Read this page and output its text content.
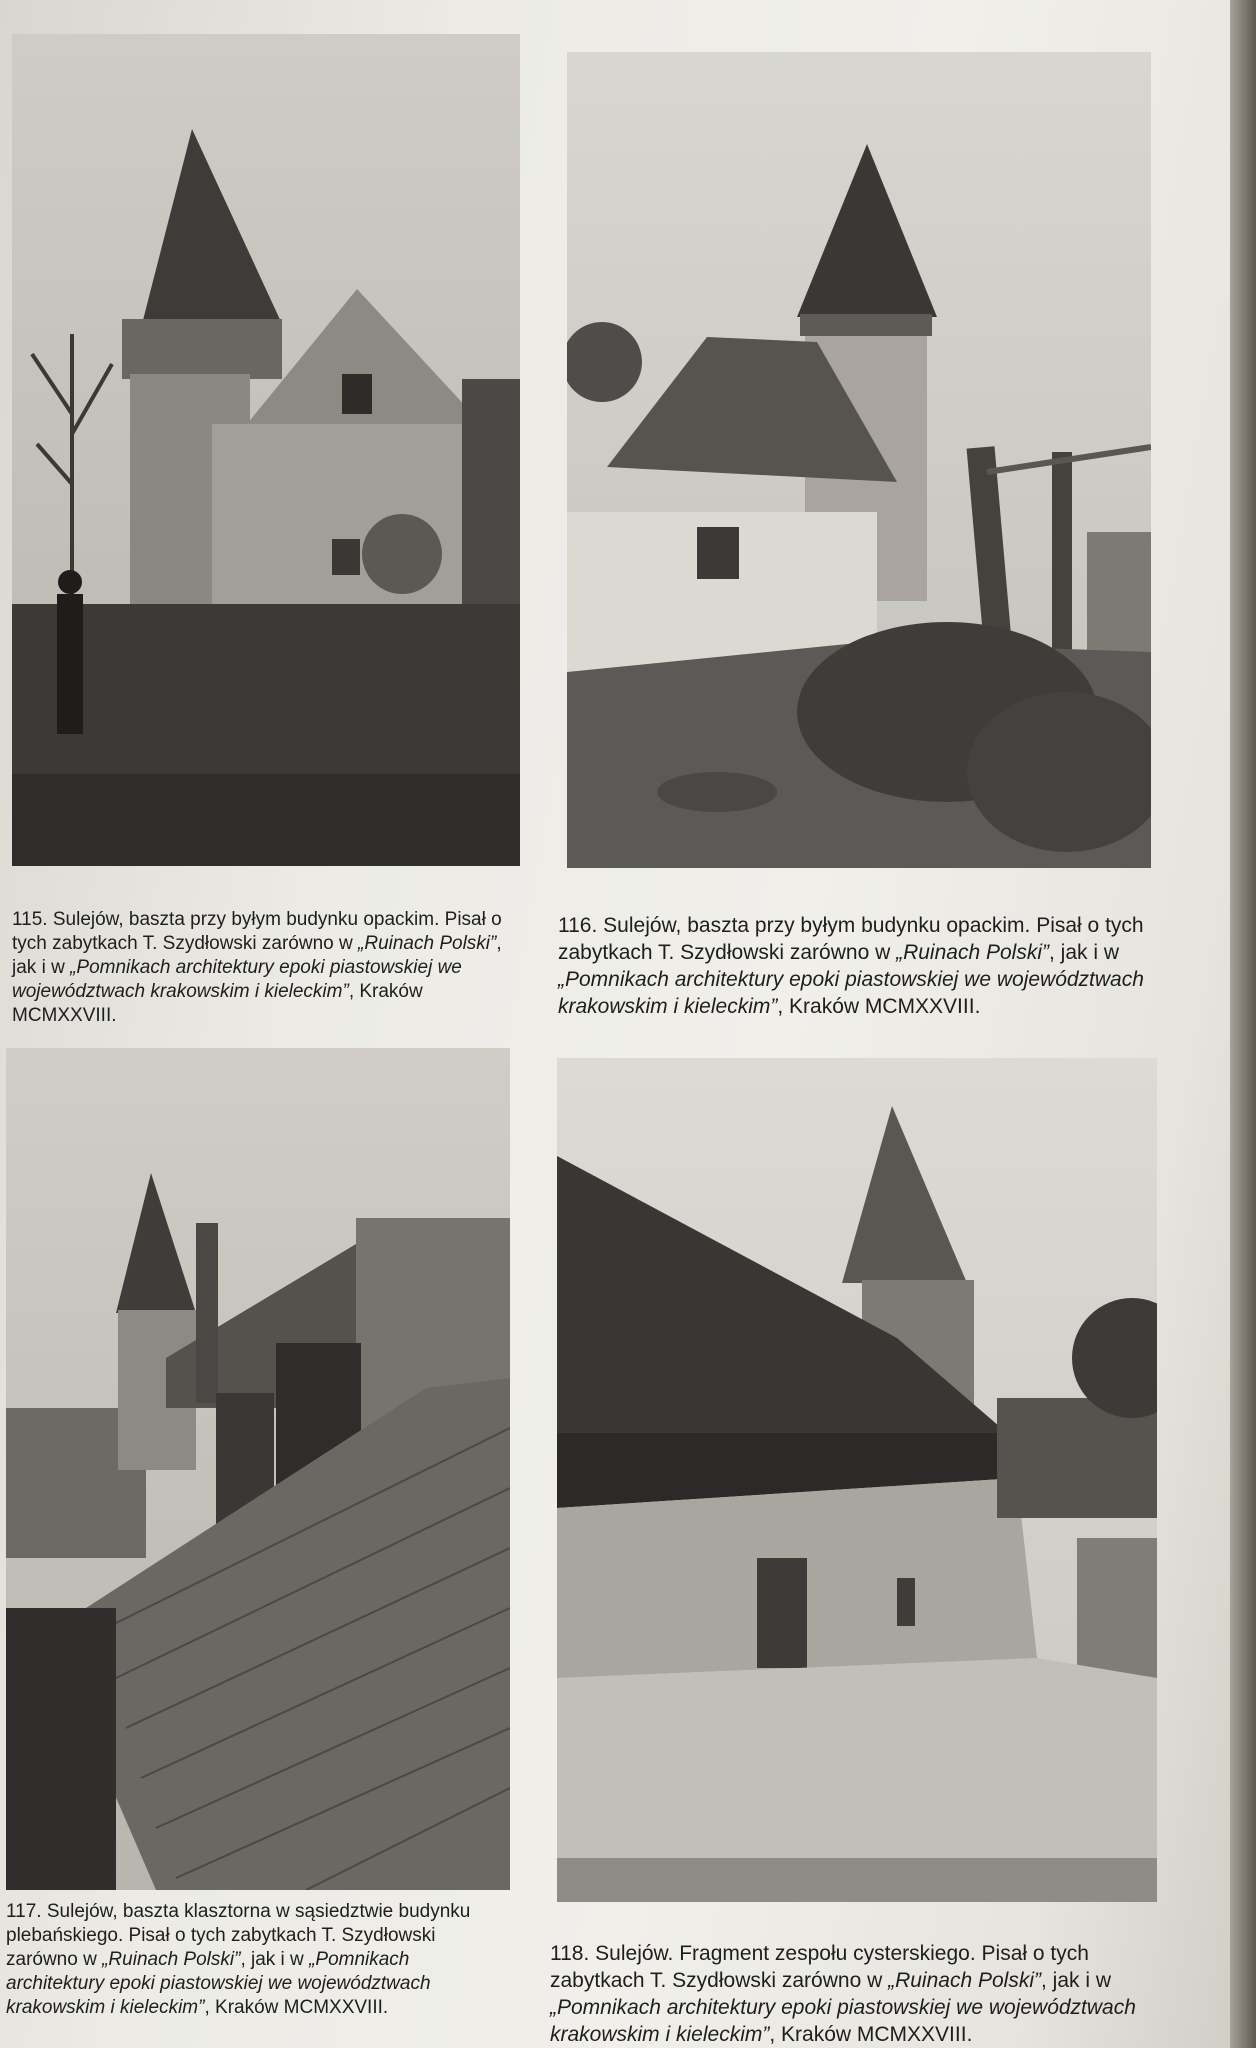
115. Sulejów, baszta przy byłym budynku opackim. Pisał o tych zabytkach T. Szydłowski zarówno w „Ruinach Polski”, jak i w „Pomnikach architektury epoki piastowskiej we województwach krakowskim i kieleckim”, Kraków MCMXXVIII.
116. Sulejów, baszta przy byłym budynku opackim. Pisał o tych zabytkach T. Szydłowski zarówno w „Ruinach Polski”, jak i w „Pomnikach architektury epoki piastowskiej we województwach krakowskim i kieleckim”, Kraków MCMXXVIII.
117. Sulejów, baszta klasztorna w sąsiedztwie budynku plebańskiego. Pisał o tych zabytkach T. Szydłowski zarówno w „Ruinach Polski”, jak i w „Pomnikach architektury epoki piastowskiej we województwach krakowskim i kieleckim”, Kraków MCMXXVIII.
118. Sulejów. Fragment zespołu cysterskiego. Pisał o tych zabytkach T. Szydłowski zarówno w „Ruinach Polski”, jak i w „Pomnikach architektury epoki piastowskiej we województwach krakowskim i kieleckim”, Kraków MCMXXVIII.
